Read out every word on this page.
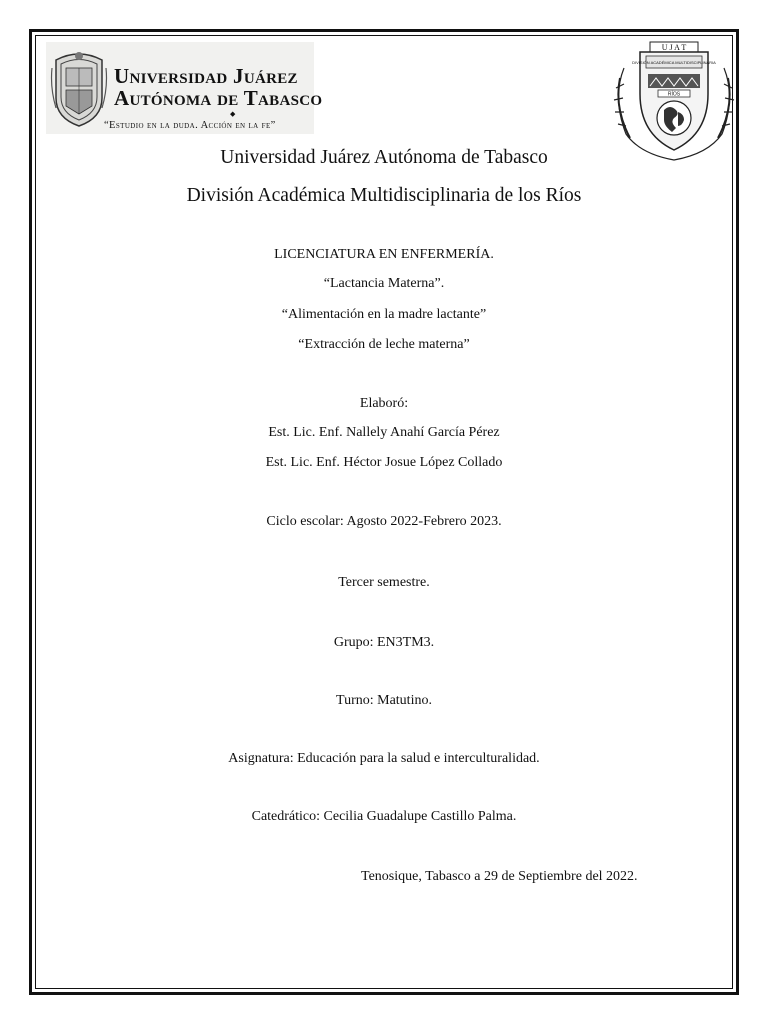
Universidad Juárez
Autónoma de Tabasco
◆
“Estudio en la duda. Acción en la fe”
U J A T
DIVISIÓN ACADÉMICA MULTIDISCIPLINARIA
RÍOS
Universidad Juárez Autónoma de Tabasco
División Académica Multidisciplinaria de los Ríos
LICENCIATURA EN ENFERMERÍA.
“Lactancia Materna”.
“Alimentación en la madre lactante”
“Extracción de leche materna”
Elaboró:
Est. Lic. Enf. Nallely Anahí García Pérez
Est. Lic. Enf. Héctor Josue López Collado
Ciclo escolar: Agosto 2022-Febrero 2023.
Tercer semestre.
Grupo: EN3TM3.
Turno: Matutino.
Asignatura: Educación para la salud e interculturalidad.
Catedrático: Cecilia Guadalupe Castillo Palma.
Tenosique, Tabasco a 29 de Septiembre del 2022.
